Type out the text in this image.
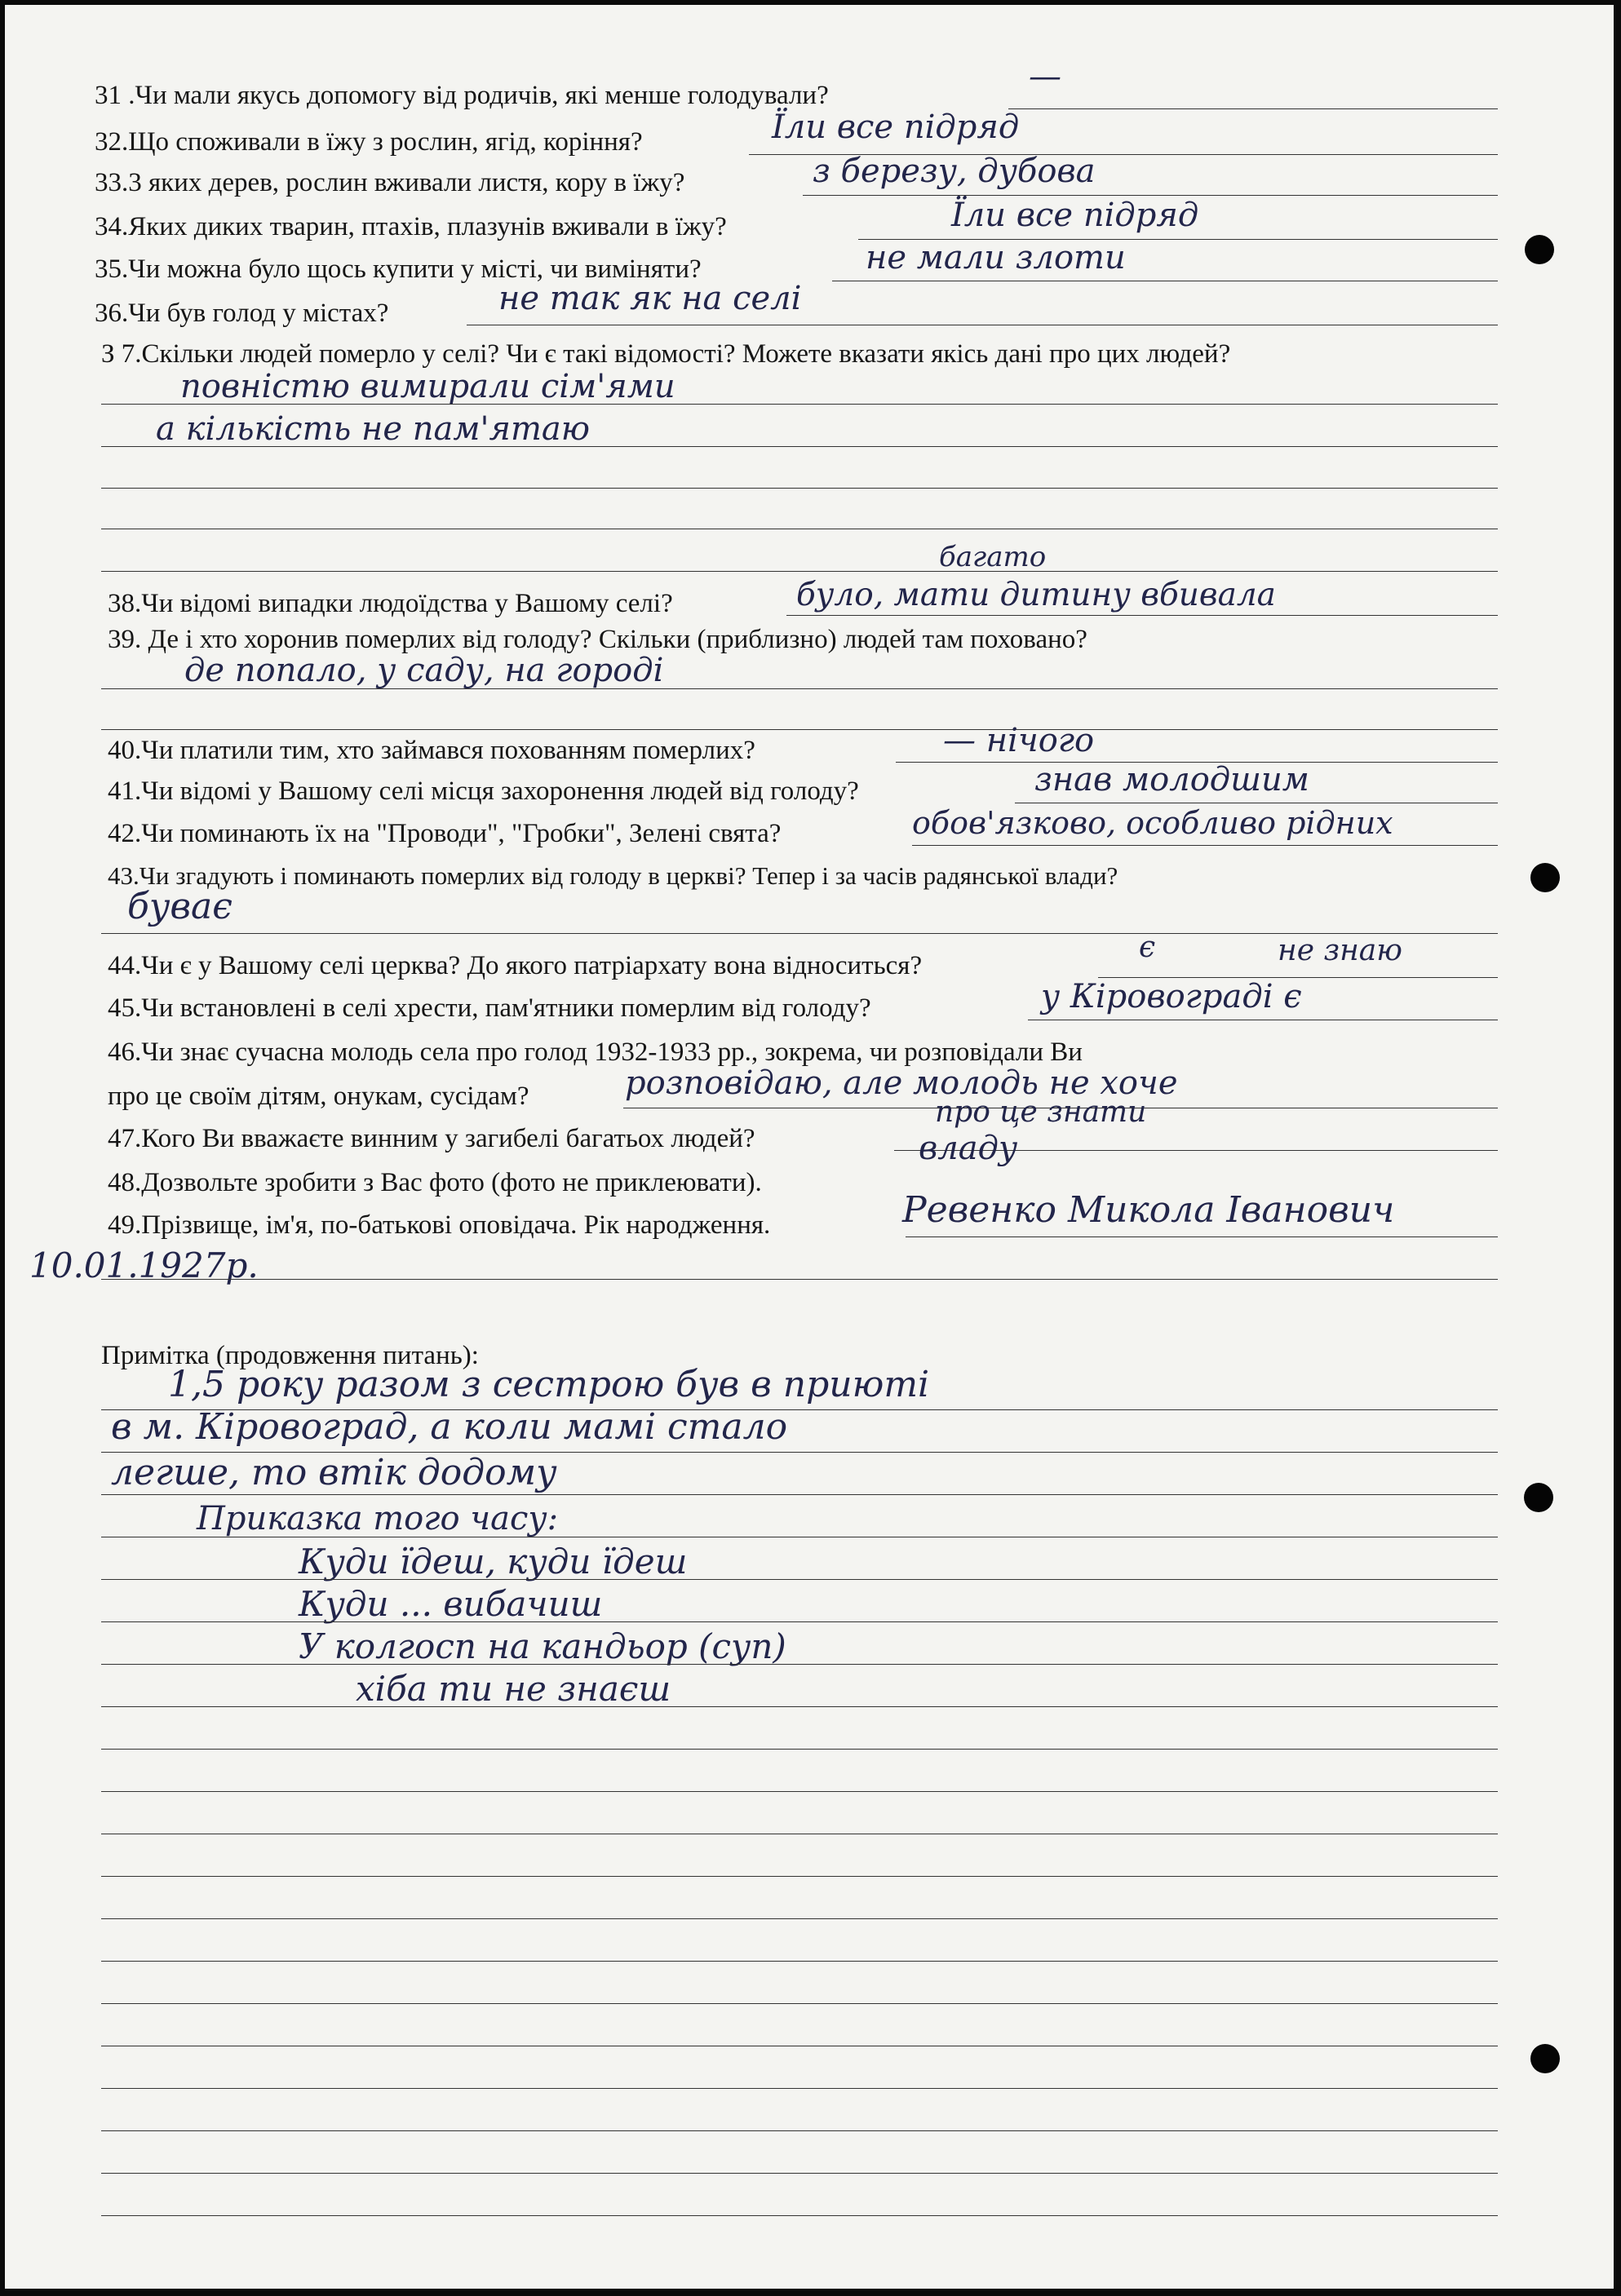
31 .Чи мали якусь допомогу від родичів, які менше голодували?	—
32.Що споживали в їжу з рослин, ягід, коріння?	Їли все підряд
33.3 яких дерев, рослин вживали листя, кору в їжу?	з березу, дубова
34.Яких диких тварин, птахів, плазунів вживали в їжу?	Їли все підряд
35.Чи можна було щось купити у місті, чи виміняти?	не мали злоти
36.Чи був голод у містах?	не так як на селі
З 7.Скільки людей померло у селі? Чи є такі відомості? Можете вказати якісь дані про цих людей?
повністю вимирали сім'ями
а кількість не пам'ятаю
багато
38.Чи відомі випадки людоїдства у Вашому селі?	було, мати дитину вбивала
39. Де і хто хоронив померлих від голоду? Скільки (приблизно) людей там поховано?
де попало, у саду, на городі
40.Чи платили тим, хто займався похованням померлих?	— нічого
41.Чи відомі у Вашому селі місця захоронення людей від голоду?	знав молодшим
42.Чи поминають їх на "Проводи", "Гробки", Зелені свята?	обов'язково, особливо рідних
43.Чи згадують і поминають померлих від голоду в церкві? Тепер і за часів радянської влади?
буває
44.Чи є у Вашому селі церква? До якого патріархату вона відноситься?
є	не знаю
45.Чи встановлені в селі хрести, пам'ятники померлим від голоду?	у Кіровограді є
46.Чи знає сучасна молодь села про голод 1932-1933 рр., зокрема, чи розповідали Ви
про це своїм дітям, онукам, сусідам?	розповідаю, але молодь не хоче
про це знати
47.Кого Ви вважаєте винним у загибелі багатьох людей?	владу
48.Дозвольте зробити з Вас фото (фото не приклеювати).
49.Прізвище, ім'я, по-батькові оповідача. Рік народження.	Ревенко Микола Іванович
10.01.1927р.
Примітка (продовження питань):
1,5 року разом з сестрою був в приюті
в м. Кіровоград, а коли мамі стало
легше, то втік додому
Приказка того часу:
Куди їдеш, куди їдеш
Куди ... вибачиш
У колгосп на кандьор (суп)
хіба ти не знаєш
